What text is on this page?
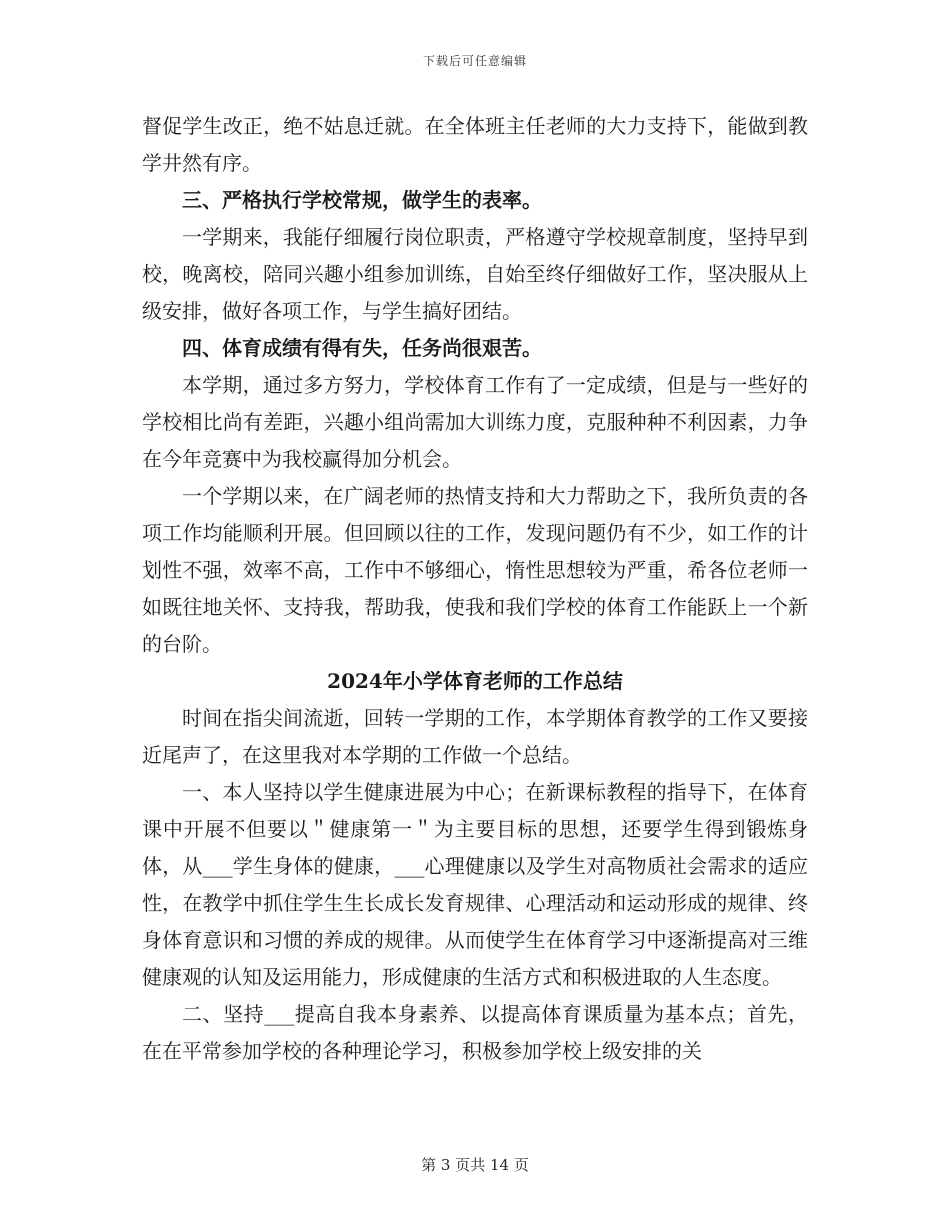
下载后可任意编辑

督促学生改正，绝不姑息迁就。在全体班主任老师的大力支持下，能做到教学井然有序。

三、严格执行学校常规，做学生的表率。

一学期来，我能仔细履行岗位职责，严格遵守学校规章制度，坚持早到校，晚离校，陪同兴趣小组参加训练，自始至终仔细做好工作，坚决服从上级安排，做好各项工作，与学生搞好团结。

四、体育成绩有得有失，任务尚很艰苦。

本学期，通过多方努力，学校体育工作有了一定成绩，但是与一些好的学校相比尚有差距，兴趣小组尚需加大训练力度，克服种种不利因素，力争在今年竞赛中为我校赢得加分机会。

一个学期以来，在广阔老师的热情支持和大力帮助之下，我所负责的各项工作均能顺利开展。但回顾以往的工作，发现问题仍有不少，如工作的计划性不强，效率不高，工作中不够细心，惰性思想较为严重，希各位老师一如既往地关怀、支持我，帮助我，使我和我们学校的体育工作能跃上一个新的台阶。

2024年小学体育老师的工作总结

时间在指尖间流逝，回转一学期的工作，本学期体育教学的工作又要接近尾声了，在这里我对本学期的工作做一个总结。

一、本人坚持以学生健康进展为中心；在新课标教程的指导下，在体育课中开展不但要以＂健康第一＂为主要目标的思想，还要学生得到锻炼身体，从___学生身体的健康，___心理健康以及学生对高物质社会需求的适应性，在教学中抓住学生生长成长发育规律、心理活动和运动形成的规律、终身体育意识和习惯的养成的规律。从而使学生在体育学习中逐渐提高对三维健康观的认知及运用能力，形成健康的生活方式和积极进取的人生态度。

二、坚持___提高自我本身素养、以提高体育课质量为基本点；首先，在在平常参加学校的各种理论学习，积极参加学校上级安排的关

第 3 页共 14 页
